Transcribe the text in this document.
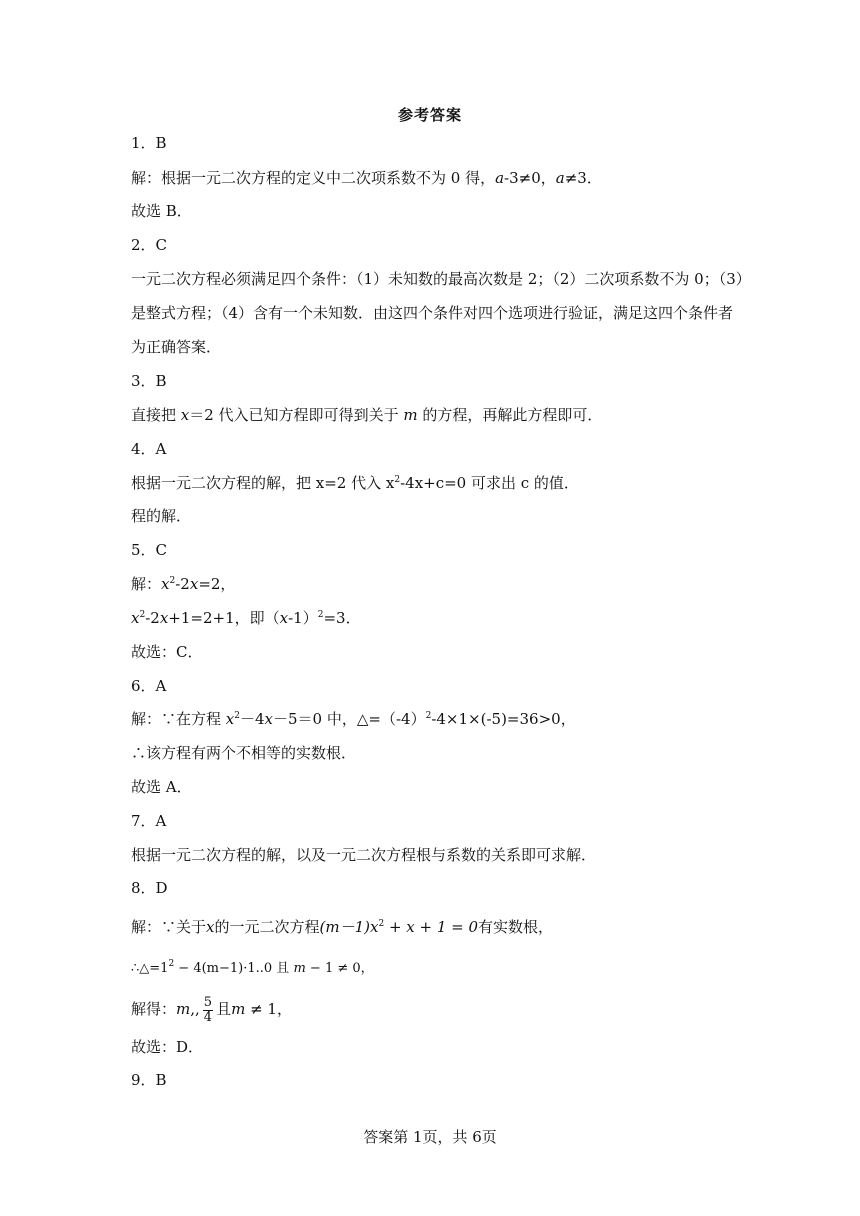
参考答案
1．B
解：根据一元二次方程的定义中二次项系数不为 0 得，a-3≠0，a≠3．
故选 B．
2．C
一元二次方程必须满足四个条件：（1）未知数的最高次数是 2；（2）二次项系数不为 0；（3）
是整式方程；（4）含有一个未知数．由这四个条件对四个选项进行验证，满足这四个条件者
为正确答案．
3．B
直接把 x＝2 代入已知方程即可得到关于 m 的方程，再解此方程即可．
4．A
根据一元二次方程的解，把 x=2 代入 $x^2-4x+c=0$ 可求出 c 的值．
程的解．
5．C
解：$x^2-2x=2$，
$x^2-2x+1=2+1$，即$(x-1)^2=3$．
故选：C．
6．A
解：∵在方程 $x^2-4x-5=0$ 中，$\triangle=(-4)^2-4\times 1\times(-5)=36>0$，
∴该方程有两个不相等的实数根．
故选 A．
7．A
根据一元二次方程的解，以及一元二次方程根与系数的关系即可求解．
8．D
解：∵关于x的一元二次方程$(m-1)x^2 + x + 1 = 0$有实数根，
$\therefore\triangle=1^2 - 4(m-1)\cdot 1..0$ 且 m − 1 ≠ 0，
解得：m,, $\frac{5}{4}$ 且m ≠ 1，
故选：D．
9．B
答案第 1页，共 6页
